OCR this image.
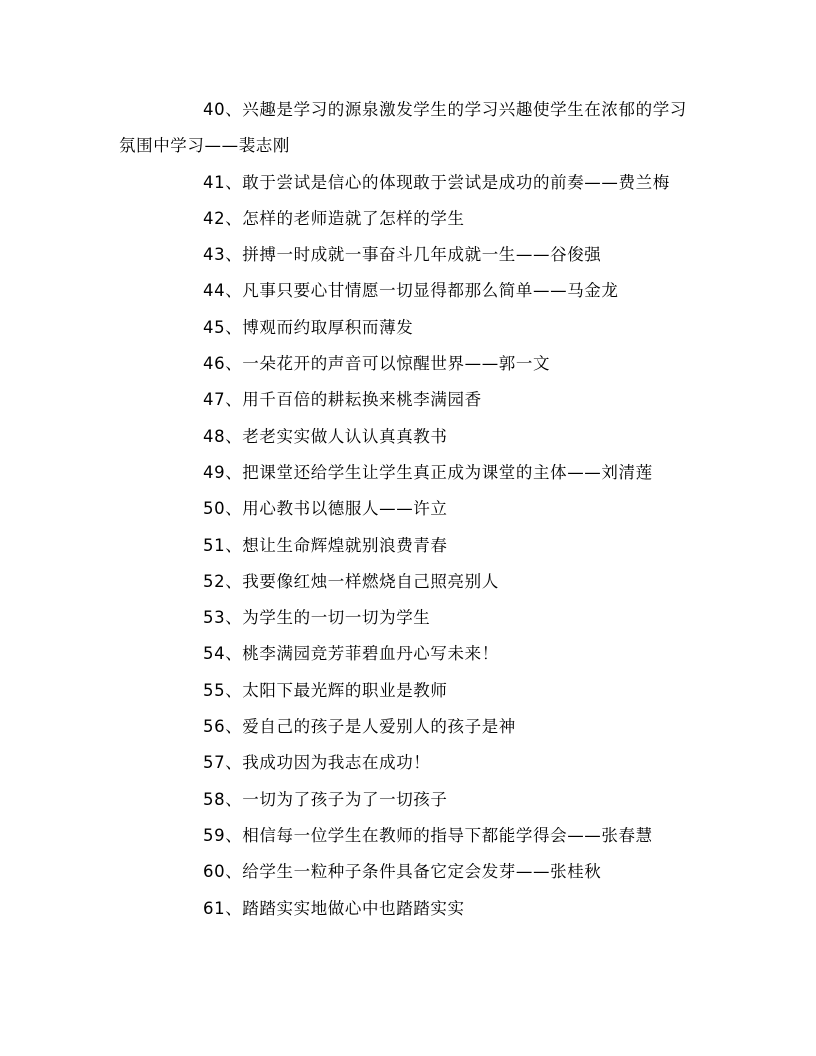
40、兴趣是学习的源泉激发学生的学习兴趣使学生在浓郁的学习氛围中学习——裴志刚

41、敢于尝试是信心的体现敢于尝试是成功的前奏——费兰梅

42、怎样的老师造就了怎样的学生

43、拼搏一时成就一事奋斗几年成就一生——谷俊强

44、凡事只要心甘情愿一切显得都那么简单——马金龙

45、博观而约取厚积而薄发

46、一朵花开的声音可以惊醒世界——郭一文

47、用千百倍的耕耘换来桃李满园香

48、老老实实做人认认真真教书

49、把课堂还给学生让学生真正成为课堂的主体——刘清莲

50、用心教书以德服人——许立

51、想让生命辉煌就别浪费青春

52、我要像红烛一样燃烧自己照亮别人

53、为学生的一切一切为学生

54、桃李满园竞芳菲碧血丹心写未来！

55、太阳下最光辉的职业是教师

56、爱自己的孩子是人爱别人的孩子是神

57、我成功因为我志在成功！

58、一切为了孩子为了一切孩子

59、相信每一位学生在教师的指导下都能学得会——张春慧

60、给学生一粒种子条件具备它定会发芽——张桂秋

61、踏踏实实地做心中也踏踏实实
